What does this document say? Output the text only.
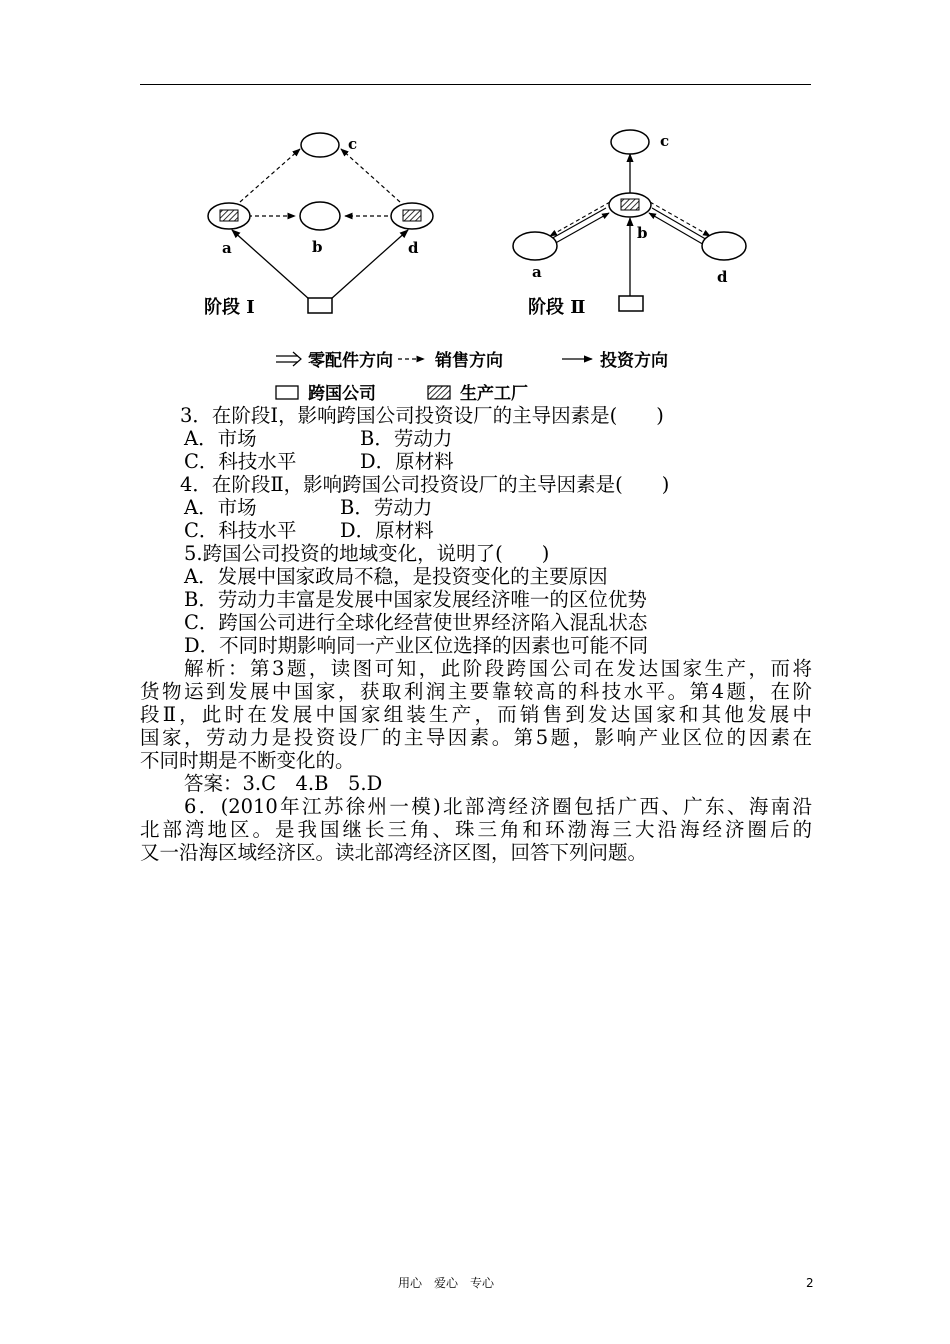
c
a	b	d
阶段 Ⅰ
c
b
a	d
阶段 Ⅱ
零配件方向 销售方向	投资方向
跨国公司	生产工厂
3．在阶段Ⅰ，影响跨国公司投资设厂的主导因素是(　　)
A．市场	B．劳动力
C．科技水平	D．原材料
4．在阶段Ⅱ，影响跨国公司投资设厂的主导因素是(　　)
A．市场	B．劳动力
C．科技水平	D．原材料
5.跨国公司投资的地域变化，说明了(　　)
A．发展中国家政局不稳，是投资变化的主要原因
B．劳动力丰富是发展中国家发展经济唯一的区位优势
C．跨国公司进行全球化经营使世界经济陷入混乱状态
D．不同时期影响同一产业区位选择的因素也可能不同
解析：第3题，读图可知，此阶段跨国公司在发达国家生产，而将
货物运到发展中国家，获取利润主要靠较高的科技水平。第4题，在阶
段Ⅱ，此时在发展中国家组装生产，而销售到发达国家和其他发展中
国家，劳动力是投资设厂的主导因素。第5题，影响产业区位的因素在
不同时期是不断变化的。
答案：3.C　4.B　5.D
6．(2010年江苏徐州一模)北部湾经济圈包括广西、广东、海南沿
北部湾地区。是我国继长三角、珠三角和环渤海三大沿海经济圈后的
又一沿海区域经济区。读北部湾经济区图，回答下列问题。
用心　爱心　专心	2
